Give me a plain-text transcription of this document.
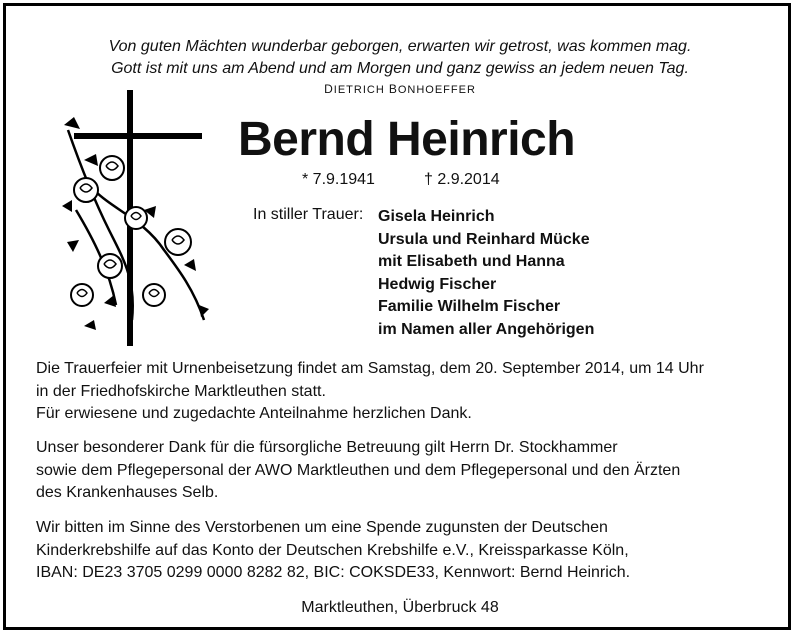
Von guten Mächten wunderbar geborgen, erwarten wir getrost, was kommen mag.
Gott ist mit uns am Abend und am Morgen und ganz gewiss an jedem neuen Tag.
DIETRICH BONHOEFFER
Bernd Heinrich
* 7.9.1941	† 2.9.2014
In stiller Trauer: Gisela Heinrich
Ursula und Reinhard Mücke
mit Elisabeth und Hanna
Hedwig Fischer
Familie Wilhelm Fischer
im Namen aller Angehörigen

Die Trauerfeier mit Urnenbeisetzung findet am Samstag, dem 20. September 2014, um 14 Uhr
in der Friedhofskirche Marktleuthen statt.
Für erwiesene und zugedachte Anteilnahme herzlichen Dank.

Unser besonderer Dank für die fürsorgliche Betreuung gilt Herrn Dr. Stockhammer
sowie dem Pflegepersonal der AWO Marktleuthen und dem Pflegepersonal und den Ärzten
des Krankenhauses Selb.

Wir bitten im Sinne des Verstorbenen um eine Spende zugunsten der Deutschen
Kinderkrebshilfe auf das Konto der Deutschen Krebshilfe e.V., Kreissparkasse Köln,
IBAN: DE23 3705 0299 0000 8282 82, BIC: COKSDE33, Kennwort: Bernd Heinrich.

Marktleuthen, Überbruck 48
